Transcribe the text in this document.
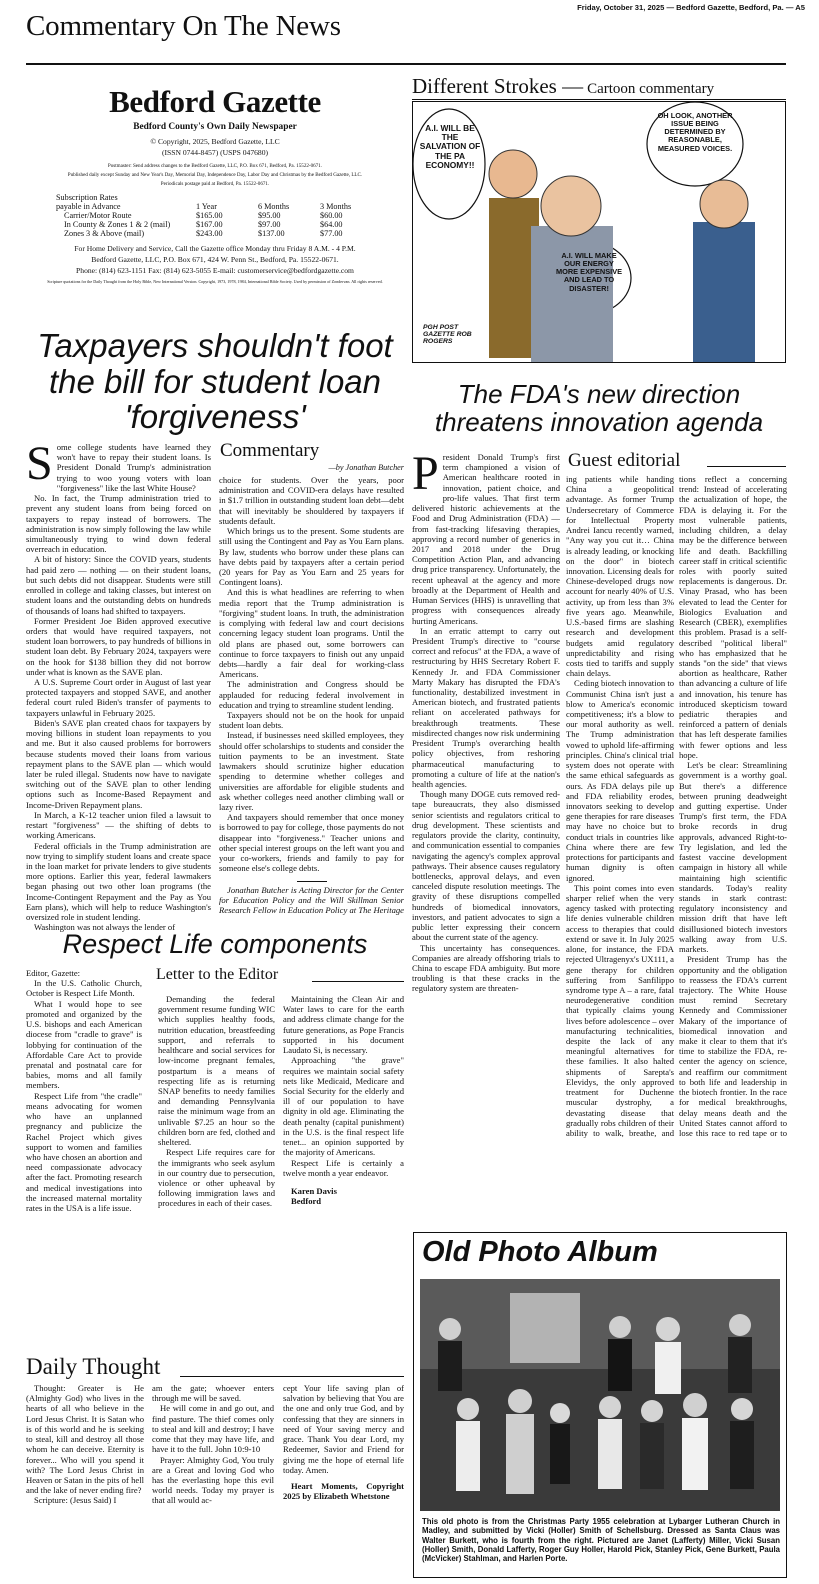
Friday, October 31, 2025 — Bedford Gazette, Bedford, Pa. — A5
Commentary On The News
Bedford Gazette
Bedford County's Own Daily Newspaper
© Copyright, 2025, Bedford Gazette, LLC
(ISSN 0744-8457) (USPS 047680)
Postmaster: Send address changes to the Bedford Gazette, LLC, P.O. Box 671, Bedford, Pa. 15522-0671.
Published daily except Sunday and New Year's Day, Memorial Day, Independence Day, Labor Day and Christmas by the Bedford Gazette, LLC.
Periodicals postage paid at Bedford, Pa. 15522-0671.
Subscription Rates			
payable in Advance	1 Year	6 Months	3 Months
Carrier/Motor Route	$165.00	$95.00	$60.00
In County & Zones 1 & 2 (mail)	$167.00	$97.00	$64.00
Zones 3 & Above (mail)	$243.00	$137.00	$77.00
For Home Delivery and Service, Call the Gazette office Monday thru Friday 8 A.M. - 4 P.M.
Bedford Gazette, LLC, P.O. Box 671, 424 W. Penn St., Bedford, Pa. 15522-0671.
Phone: (814) 623-1151 Fax: (814) 623-5055 E-mail: customerservice@bedfordgazette.com
Scripture quotations for the Daily Thought from the Holy Bible, New International Version. Copyright, 1973, 1978, 1984, International Bible Society. Used by permission of Zondervan. All rights reserved.
Different Strokes — Cartoon commentary
A.I. WILL BE THE SALVATION OF THE PA ECONOMY!!
A.I. WILL MAKE OUR ENERGY MORE EXPENSIVE AND LEAD TO DISASTER!
OH LOOK, ANOTHER ISSUE BEING DETERMINED BY REASONABLE, MEASURED VOICES.
PGH POST GAZETTE ROB ROGERS
Taxpayers shouldn't foot the bill for student loan 'forgiveness'
Commentary
—by Jonathan Butcher
S ome college students have learned they won't have to repay their student loans. Is President Donald Trump's administration trying to woo young voters with loan "forgiveness" like the last White House?

No. In fact, the Trump administration tried to prevent any student loans from being forced on taxpayers to repay instead of borrowers. The administration is now simply following the law while simultaneously trying to wind down federal overreach in education.

A bit of history: Since the COVID years, students had paid zero — nothing — on their student loans, but such debts did not disappear. Students were still enrolled in college and taking classes, but interest on student loans and the outstanding debts on hundreds of thousands of loans had shifted to taxpayers.

Former President Joe Biden approved executive orders that would have required taxpayers, not student loan borrowers, to pay hundreds of billions in student loan debt. By February 2024, taxpayers were on the hook for $138 billion they did not borrow under what is known as the SAVE plan.

A U.S. Supreme Court order in August of last year protected taxpayers and stopped SAVE, and another federal court ruled Biden's transfer of payments to taxpayers unlawful in February 2025.

Biden's SAVE plan created chaos for taxpayers by moving billions in student loan repayments to you and me. But it also caused problems for borrowers because students moved their loans from various repayment plans to the SAVE plan — which would later be ruled illegal. Students now have to navigate switching out of the SAVE plan to other lending options such as Income-Based Repayment and Income-Driven Repayment plans.

In March, a K-12 teacher union filed a lawsuit to restart "forgiveness" — the shifting of debts to working Americans.

Federal officials in the Trump administration are now trying to simplify student loans and create space in the loan market for private lenders to give students more options. Earlier this year, federal lawmakers began phasing out two other loan programs (the Income-Contingent Repayment and the Pay as You Earn plans), which will help to reduce Washington's oversized role in student lending.

Washington was not always the lender of

choice for students. Over the years, poor administration and COVID-era delays have resulted in $1.7 trillion in outstanding student loan debt—debt that will inevitably be shouldered by taxpayers if students default.

Which brings us to the present. Some students are still using the Contingent and Pay as You Earn plans. By law, students who borrow under these plans can have debts paid by taxpayers after a certain period (20 years for Pay as You Earn and 25 years for Contingent loans).

And this is what headlines are referring to when media report that the Trump administration is "forgiving" student loans. In truth, the administration is complying with federal law and court decisions concerning legacy student loan programs. Until the old plans are phased out, some borrowers can continue to force taxpayers to finish out any unpaid debts—hardly a fair deal for working-class Americans.

The administration and Congress should be applauded for reducing federal involvement in education and trying to streamline student lending.

Taxpayers should not be on the hook for unpaid student loan debts.

Instead, if businesses need skilled employees, they should offer scholarships to students and consider the tuition payments to be an investment. State lawmakers should scrutinize higher education spending to determine whether colleges and universities are affordable for eligible students and ask whether colleges need another climbing wall or lazy river.

And taxpayers should remember that once money is borrowed to pay for college, those payments do not disappear into "forgiveness." Teacher unions and other special interest groups on the left want you and your co-workers, friends and family to pay for someone else's college debts.

Jonathan Butcher is Acting Director for the Center for Education Policy and the Will Skillman Senior Research Fellow in Education Policy at The Heritage

The FDA's new direction threatens innovation agenda
Guest editorial
P resident Donald Trump's first term championed a vision of American healthcare rooted in innovation, patient choice, and pro-life values. That first term delivered historic achievements at the Food and Drug Administration (FDA) — from fast-tracking lifesaving therapies, approving a record number of generics in 2017 and 2018 under the Drug Competition Action Plan, and advancing drug price transparency. Unfortunately, the recent upheaval at the agency and more broadly at the Department of Health and Human Services (HHS) is unravelling that progress with consequences already hurting Americans.

In an erratic attempt to carry out President Trump's directive to "course correct and refocus" at the FDA, a wave of restructuring by HHS Secretary Robert F. Kennedy Jr. and FDA Commissioner Marty Makary has disrupted the FDA's functionality, destabilized investment in American biotech, and frustrated patients reliant on accelerated pathways for breakthrough treatments. These misdirected changes now risk undermining President Trump's overarching health policy objectives, from reshoring pharmaceutical manufacturing to promoting a culture of life at the nation's health agencies.

Though many DOGE cuts removed red-tape bureaucrats, they also dismissed senior scientists and regulators critical to drug development. These scientists and regulators provide the clarity, continuity, and communication essential to companies navigating the agency's complex approval pathways. Their absence causes regulatory bottlenecks, approval delays, and even canceled dispute resolution meetings. The gravity of these disruptions compelled hundreds of biomedical innovators, investors, and patient advocates to sign a public letter expressing their concern about the current state of the agency.

This uncertainty has consequences. Companies are already offshoring trials to China to escape FDA ambiguity. But more troubling is that these cracks in the regulatory system are threaten-

ing patients while handing China a geopolitical advantage. As former Trump Undersecretary of Commerce for Intellectual Property Andrei Iancu recently warned, "Any way you cut it… China is already leading, or knocking on the door" in biotech innovation. Licensing deals for Chinese-developed drugs now account for nearly 40% of U.S. activity, up from less than 3% five years ago. Meanwhile, U.S.-based firms are slashing research and development budgets amid regulatory unpredictability and rising costs tied to tariffs and supply chain delays.

Ceding biotech innovation to Communist China isn't just a blow to America's economic competitiveness; it's a blow to our moral authority as well. The Trump administration vowed to uphold life-affirming principles. China's clinical trial system does not operate with the same ethical safeguards as ours. As FDA delays pile up and FDA reliability erodes, innovators seeking to develop gene therapies for rare diseases may have no choice but to conduct trials in countries like China where there are few protections for participants and human dignity is often ignored.

This point comes into even sharper relief when the very agency tasked with protecting life denies vulnerable children access to therapies that could extend or save it. In July 2025 alone, for instance, the FDA rejected Ultragenyx's UX111, a gene therapy for children suffering from Sanfilippo syndrome type A – a rare, fatal neurodegenerative condition that typically claims young lives before adolescence – over manufacturing technicalities, despite the lack of any meaningful alternatives for these families. It also halted shipments of Sarepta's Elevidys, the only approved treatment for Duchenne muscular dystrophy, a devastating disease that gradually robs children of their ability to walk, breathe, and

tions reflect a concerning trend: Instead of accelerating the actualization of hope, the FDA is delaying it. For the most vulnerable patients, including children, a delay may be the difference between life and death. Backfilling career staff in critical scientific roles with poorly suited replacements is dangerous. Dr. Vinay Prasad, who has been elevated to lead the Center for Biologics Evaluation and Research (CBER), exemplifies this problem. Prasad is a self-described "political liberal" who has emphasized that he stands "on the side" that views abortion as healthcare, Rather than advancing a culture of life and innovation, his tenure has introduced skepticism toward pediatric therapies and reinforced a pattern of denials that has left desperate families with fewer options and less hope.

Let's be clear: Streamlining government is a worthy goal. But there's a difference between pruning deadweight and gutting expertise. Under Trump's first term, the FDA broke records in drug approvals, advanced Right-to-Try legislation, and led the fastest vaccine development campaign in history all while maintaining high scientific standards. Today's reality stands in stark contrast: regulatory inconsistency and mission drift that have left disillusioned biotech investors walking away from U.S. markets.

President Trump has the opportunity and the obligation to reassess the FDA's current trajectory. The White House must remind Secretary Kennedy and Commissioner Makary of the importance of biomedical innovation and make it clear to them that it's time to stabilize the FDA, re-center the agency on science, and reaffirm our commitment to both life and leadership in the biotech frontier. In the race for medical breakthroughs, delay means death and the United States cannot afford to lose this race to red tape or to

Respect Life components
Letter to the Editor

Editor, Gazette:

In the U.S. Catholic Church, October is Respect Life Month.

What I would hope to see promoted and organized by the U.S. bishops and each American diocese from "cradle to grave" is lobbying for continuation of the Affordable Care Act to provide prenatal and postnatal care for babies, moms and all family members.

Respect Life from "the cradle" means advocating for women who have an unplanned pregnancy and publicize the Rachel Project which gives support to women and families who have chosen an abortion and need compassionate advocacy after the fact. Promoting research and medical investigations into the increased maternal mortality rates in the USA is a life issue.

Demanding the federal government resume funding WIC which supplies healthy foods, nutrition education, breastfeeding support, and referrals to healthcare and social services for low-income pregnant females, postpartum is a means of respecting life as is returning SNAP benefits to needy families and demanding Pennsylvania raise the minimum wage from an unlivable $7.25 an hour so the children born are fed, clothed and sheltered.

Respect Life requires care for the immigrants who seek asylum in our country due to persecution, violence or other upheaval by following immigration laws and procedures in each of their cases.

Maintaining the Clean Air and Water laws to care for the earth and address climate change for the future generations, as Pope Francis supported in his document Laudato Si, is necessary.

Approaching "the grave" requires we maintain social safety nets like Medicaid, Medicare and Social Security for the elderly and ill of our population to have dignity in old age. Eliminating the death penalty (capital punishment) in the U.S. is the final respect life tenet... an opinion supported by the majority of Americans.

Respect Life is certainly a twelve month a year endeavor.

Karen Davis

Bedford

Daily Thought

Thought: Greater is He (Almighty God) who lives in the hearts of all who believe in the Lord Jesus Christ. It is Satan who is of this world and he is seeking to steal, kill and destroy all those whom he can deceive. Eternity is forever... Who will you spend it with? The Lord Jesus Christ in Heaven or Satan in the pits of hell and the lake of never ending fire?

Scripture: (Jesus Said) I

am the gate; whoever enters through me will be saved.

He will come in and go out, and find pasture. The thief comes only to steal and kill and destroy; I have come that they may have life, and have it to the full. John 10:9-10

Prayer: Almighty God, You truly are a Great and loving God who has the everlasting hope this evil world needs. Today my prayer is that all would ac-

cept Your life saving plan of salvation by believing that You are the one and only true God, and by confessing that they are sinners in need of Your saving mercy and grace. Thank You dear Lord, my Redeemer, Savior and Friend for giving me the hope of eternal life today. Amen.

Heart Moments, Copyright 2025 by Elizabeth Whetstone

Old Photo Album
This old photo is from the Christmas Party 1955 celebration at Lybarger Lutheran Church in Madley, and submitted by Vicki (Holler) Smith of Schellsburg. Dressed as Santa Claus was Walter Burkett, who is fourth from the right. Pictured are Janet (Lafferty) Miller, Vicki Susan (Holler) Smith, Donald Lafferty, Roger Guy Holler, Harold Pick, Stanley Pick, Gene Burkett, Paula (McVicker) Stahlman, and Harlen Porte.
